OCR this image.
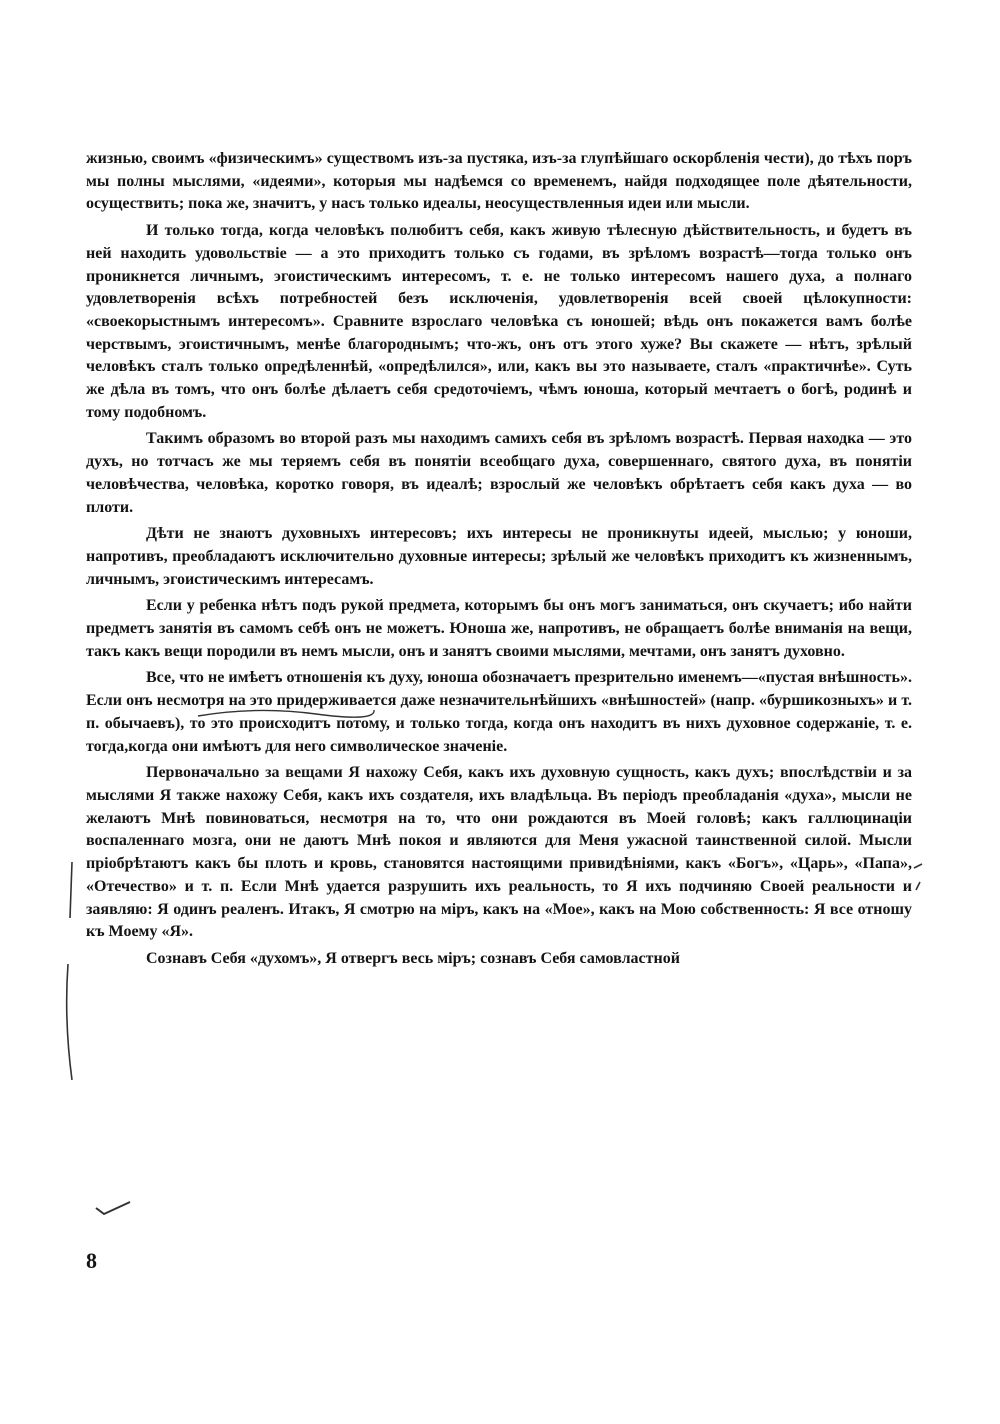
жизнью, своимъ «физическимъ» существомъ изъ-за пустяка, изъ-за глупѣйшаго оскорбленія чести), до тѣхъ поръ мы полны мыслями, «идеями», которыя мы надѣемся со временемъ, найдя подходящее поле дѣятельности, осуществить; пока же, значитъ, у насъ только идеалы, неосуществленныя идеи или мысли.

И только тогда, когда человѣкъ полюбитъ себя, какъ живую тѣлесную дѣйствительность, и будетъ въ ней находить удовольствіе — а это приходитъ только съ годами, въ зрѣломъ возрастѣ—тогда только онъ проникнется личнымъ, эгоистическимъ интересомъ, т. е. не только интересомъ нашего духа, а полнаго удовлетворенія всѣхъ потребностей безъ исключенія, удовлетворенія всей своей цѣлокупности: «своекорыстнымъ интересомъ». Сравните взрослаго человѣка съ юношей; вѣдь онъ покажется вамъ болѣе черствымъ, эгоистичнымъ, менѣе благороднымъ; что-жъ, онъ отъ этого хуже? Вы скажете — нѣтъ, зрѣлый человѣкъ сталъ только опредѣленнѣй, «опредѣлился», или, какъ вы это называете, сталъ «практичнѣе». Суть же дѣла въ томъ, что онъ болѣе дѣлаетъ себя средоточіемъ, чѣмъ юноша, который мечтаетъ о богѣ, родинѣ и тому подобномъ.

Такимъ образомъ во второй разъ мы находимъ самихъ себя въ зрѣломъ возрастѣ. Первая находка — это духъ, но тотчасъ же мы теряемъ себя въ понятіи всеобщаго духа, совершеннаго, святого духа, въ понятіи человѣчества, человѣка, коротко говоря, въ идеалѣ; взрослый же человѣкъ обрѣтаетъ себя какъ духа — во плоти.

Дѣти не знаютъ духовныхъ интересовъ; ихъ интересы не проникнуты идеей, мыслью; у юноши, напротивъ, преобладаютъ исключительно духовные интересы; зрѣлый же человѣкъ приходитъ къ жизненнымъ, личнымъ, эгоистическимъ интересамъ.

Если у ребенка нѣтъ подъ рукой предмета, которымъ бы онъ могъ заниматься, онъ скучаетъ; ибо найти предметъ занятія въ самомъ себѣ онъ не можетъ. Юноша же, напротивъ, не обращаетъ болѣе вниманія на вещи, такъ какъ вещи породили въ немъ мысли, онъ и занятъ своими мыслями, мечтами, онъ занятъ духовно.

Все, что не имѣетъ отношенія къ духу, юноша обозначаетъ презрительно именемъ—«пустая внѣшность». Если онъ несмотря на это придерживается даже незначительнѣйшихъ «внѣшностей» (напр. «буршикозныхъ» и т. п. обычаевъ), то это происходитъ потому, и только тогда, когда онъ находитъ въ нихъ духовное содержаніе, т. е. тогда,когда они имѣютъ для него символическое значеніе.

Первоначально за вещами Я нахожу Себя, какъ ихъ духовную сущность, какъ духъ; впослѣдствіи и за мыслями Я также нахожу Себя, какъ ихъ создателя, ихъ владѣльца. Въ періодъ преобладанія «духа», мысли не желаютъ Мнѣ повиноваться, несмотря на то, что они рождаются въ Моей головѣ; какъ галлюцинаціи воспаленнаго мозга, они не даютъ Мнѣ покоя и являются для Меня ужасной таинственной силой. Мысли пріобрѣтаютъ какъ бы плоть и кровь, становятся настоящими привидѣніями, какъ «Богъ», «Царь», «Папа», «Отечество» и т. п. Если Мнѣ удается разрушить ихъ реальность, то Я ихъ подчиняю Своей реальности и заявляю: Я одинъ реаленъ. Итакъ, Я смотрю на міръ, какъ на «Мое», какъ на Мою собственность: Я все отношу къ Моему «Я».

Сознавъ Себя «духомъ», Я отвергъ весь міръ; сознавъ Себя самовластной

8
